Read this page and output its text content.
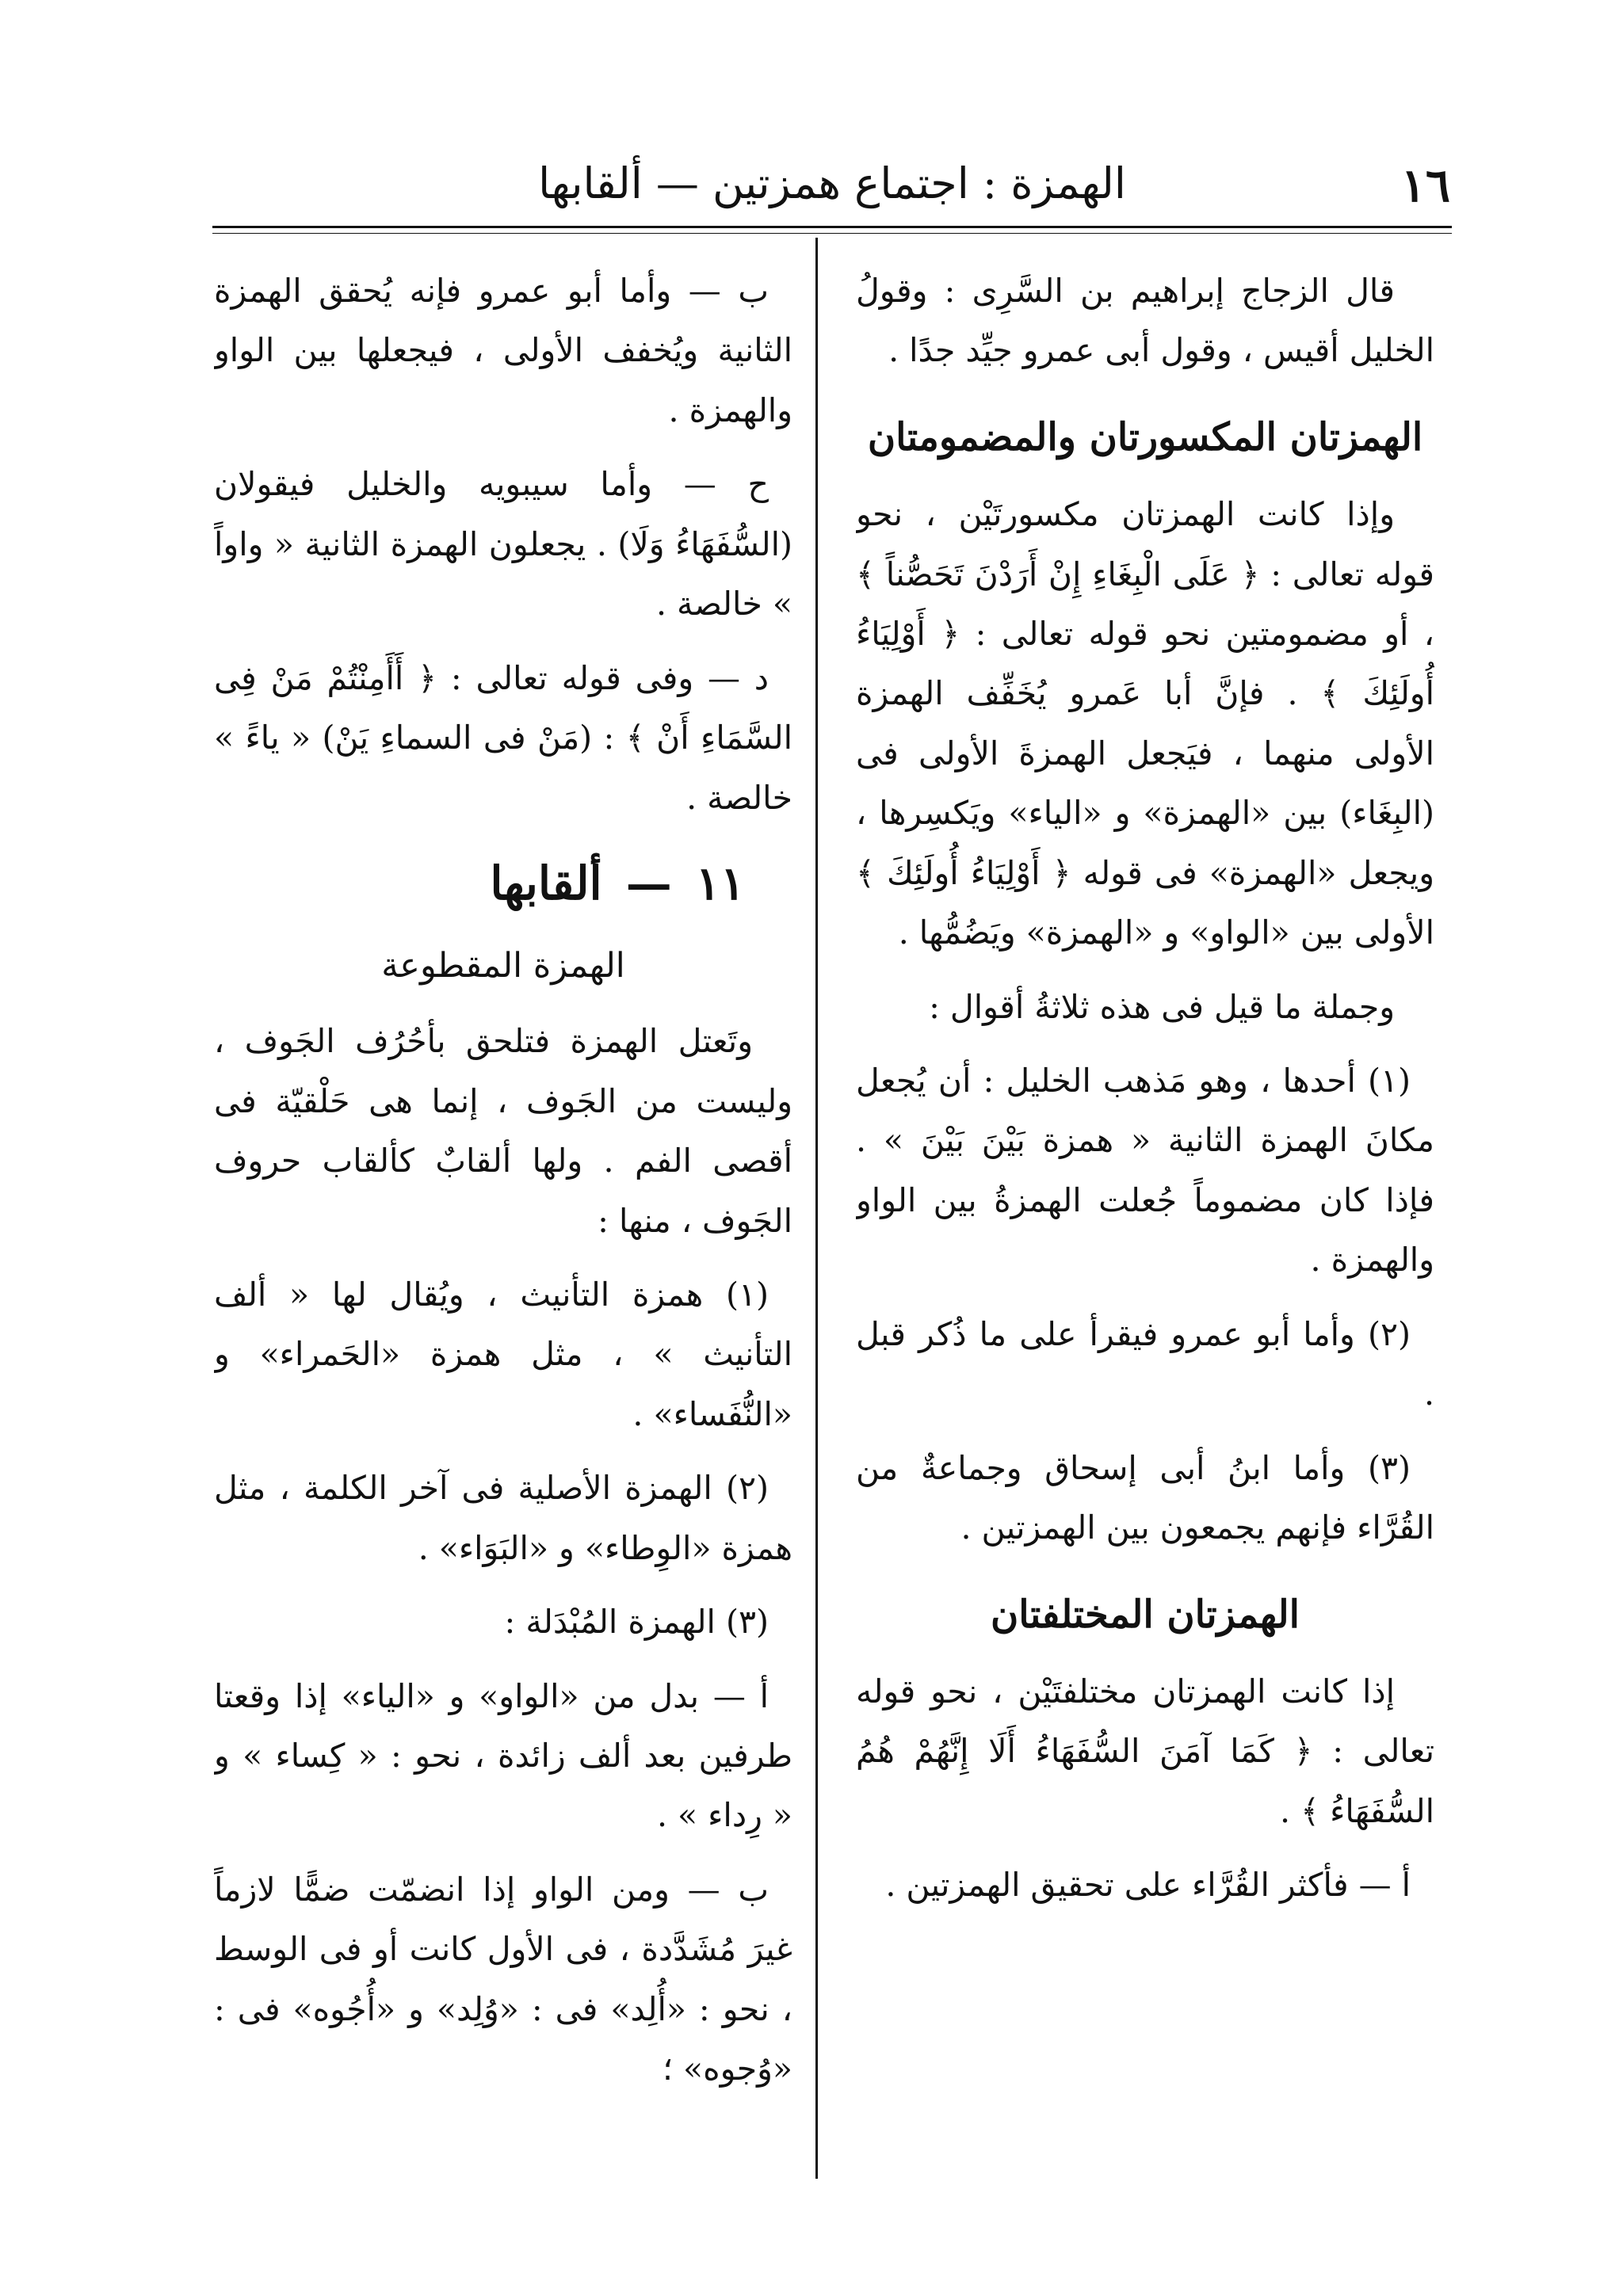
١٦
الهمزة : اجتماع همزتين — ألقابها

قال الزجاج إبراهيم بن السَّرِى : وقولُ الخليل أقيس ، وقول أبى عمرو جيِّد جدًا .

الهمزتان المكسورتان والمضمومتان

وإذا كانت الهمزتان مكسورتَيْن ، نحو قوله تعالى : ﴿ عَلَى الْبِغَاءِ إِنْ أَرَدْنَ تَحَصُّناً ﴾ ، أو مضمومتين نحو قوله تعالى : ﴿ أَوْلِيَاءُ أُولَئِكَ ﴾ . فإنَّ أبا عَمرو يُخَفِّف الهمزة الأولى منهما ، فيَجعل الهمزةَ الأولى فى (البِغَاء) بين «الهمزة» و «الياء» ويَكسِرها ، ويجعل «الهمزة» فى قوله ﴿ أَوْلِيَاءُ أُولَئِكَ ﴾ الأولى بين «الواو» و «الهمزة» ويَضُمُّها .

وجملة ما قيل فى هذه ثلاثةُ أقوال :

(١) أحدها ، وهو مَذهب الخليل : أن يُجعل مكانَ الهمزة الثانية « همزة بَيْنَ بَيْنَ » . فإذا كان مضموماً جُعلت الهمزةُ بين الواو والهمزة .

(٢) وأما أبو عمرو فيقرأ على ما ذُكر قبل .

(٣) وأما ابنُ أبى إسحاق وجماعةٌ من القُرَّاء فإنهم يجمعون بين الهمزتين .

الهمزتان المختلفتان

إذا كانت الهمزتان مختلفتَيْن ، نحو قوله تعالى : ﴿ كَمَا آمَنَ السُّفَهَاءُ أَلَا إِنَّهُمْ هُمُ السُّفَهَاءُ ﴾ .

أ — فأكثر القُرَّاء على تحقيق الهمزتين .

ب — وأما أبو عمرو فإنه يُحقق الهمزة الثانية ويُخفف الأولى ، فيجعلها بين الواو والهمزة .

ح — وأما سيبويه والخليل فيقولان (السُّفَهَاءُ وَلَا) . يجعلون الهمزة الثانية « واواً » خالصة .

د — وفى قوله تعالى : ﴿ أَأَمِنْتُمْ مَنْ فِى السَّمَاءِ أَنْ ﴾ : (مَنْ فى السماءِ يَنْ) « ياءً » خالصة .

١١—ألقابها
الهمزة المقطوعة

وتَعتل الهمزة فتلحق بأحُرُف الجَوف ، وليست من الجَوف ، إنما هى حَلْقيّة فى أقصى الفم . ولها ألقابٌ كألقاب حروف الجَوف ، منها :

(١) همزة التأنيث ، ويُقال لها « ألف التأنيث » ، مثل همزة «الحَمراء» و «النُّفَساء» .

(٢) الهمزة الأصلية فى آخر الكلمة ، مثل همزة «الوِطاء» و «البَوَاء» .

(٣) الهمزة المُبْدَلة :

أ — بدل من «الواو» و «الياء» إذا وقعتا طرفين بعد ألف زائدة ، نحو : « كِساء » و « رِداء » .

ب — ومن الواو إذا انضمّت ضمًّا لازماً غيرَ مُشَدَّدة ، فى الأول كانت أو فى الوسط ، نحو : «أُلِد» فى : «وُلِد» و «أُجُوه» فى : «وُجوه» ؛
